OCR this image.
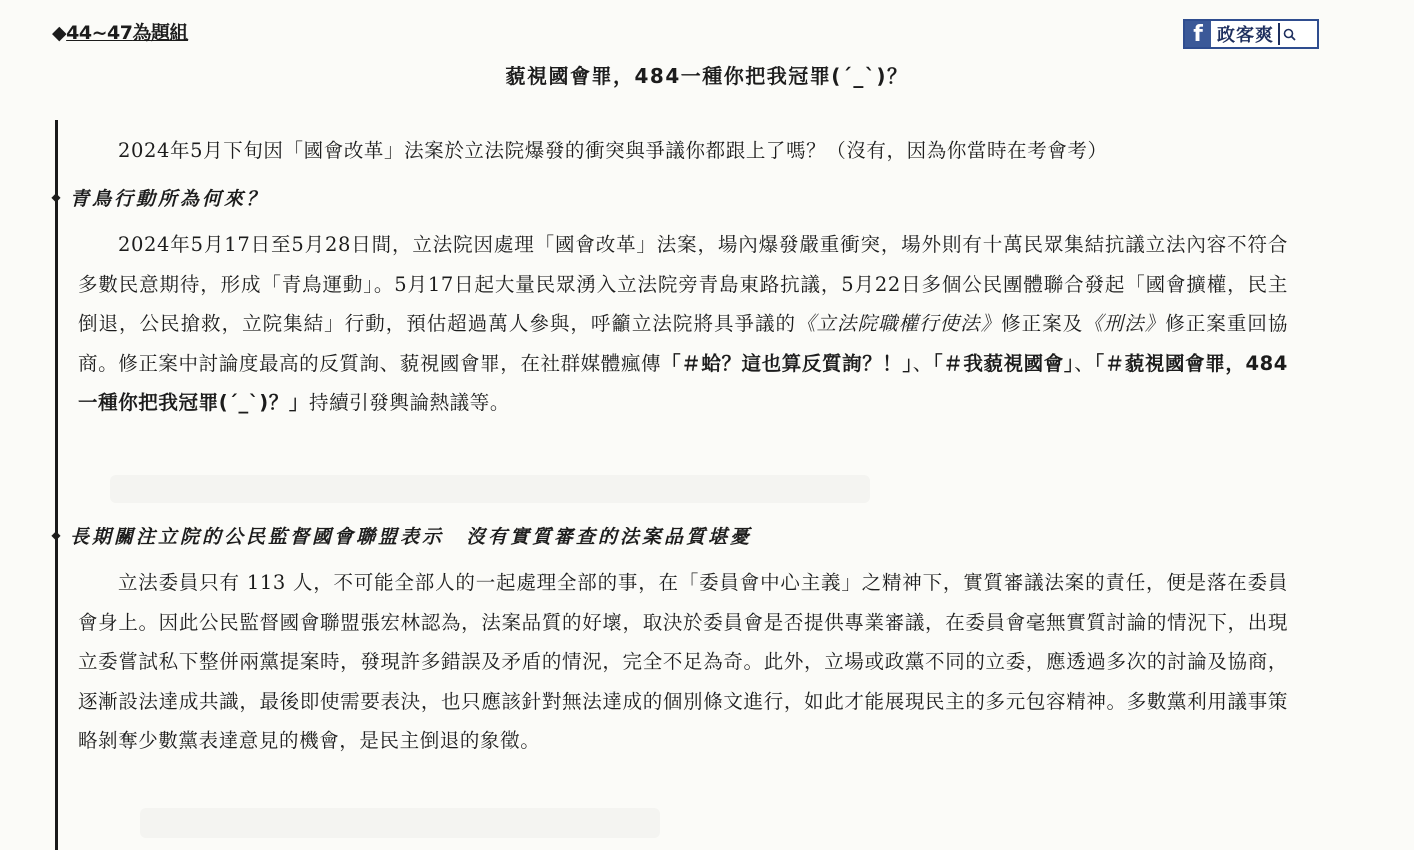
◆44~47為題組	f 政客爽
藐視國會罪，484一種你把我冠罪(ˊ_ˋ)？
◆
◆
2024年5月下旬因「國會改革」法案於立法院爆發的衝突與爭議你都跟上了嗎？（沒有，因為你當時在考會考）
青鳥行動所為何來？
2024年5月17日至5月28日間，立法院因處理「國會改革」法案，場內爆發嚴重衝突，場外則有十萬民眾集結抗議立法內容不符合多數民意期待，形成「青鳥運動」。5月17日起大量民眾湧入立法院旁青島東路抗議，5月22日多個公民團體聯合發起「國會擴權，民主倒退，公民搶救，立院集結」行動，預估超過萬人參與，呼籲立法院將具爭議的《立法院職權行使法》修正案及《刑法》修正案重回協商。修正案中討論度最高的反質詢、藐視國會罪，在社群媒體瘋傳「＃蛤？這也算反質詢？！」、「＃我藐視國會」、「＃藐視國會罪，484一種你把我冠罪(ˊ_ˋ)？」持續引發輿論熱議等。
長期關注立院的公民監督國會聯盟表示　沒有實質審查的法案品質堪憂
立法委員只有 113 人，不可能全部人的一起處理全部的事，在「委員會中心主義」之精神下，實質審議法案的責任，便是落在委員會身上。因此公民監督國會聯盟張宏林認為，法案品質的好壞，取決於委員會是否提供專業審議，在委員會毫無實質討論的情況下，出現立委嘗試私下整併兩黨提案時，發現許多錯誤及矛盾的情況，完全不足為奇。此外，立場或政黨不同的立委，應透過多次的討論及協商，逐漸設法達成共識，最後即使需要表決，也只應該針對無法達成的個別條文進行，如此才能展現民主的多元包容精神。多數黨利用議事策略剝奪少數黨表達意見的機會，是民主倒退的象徵。
